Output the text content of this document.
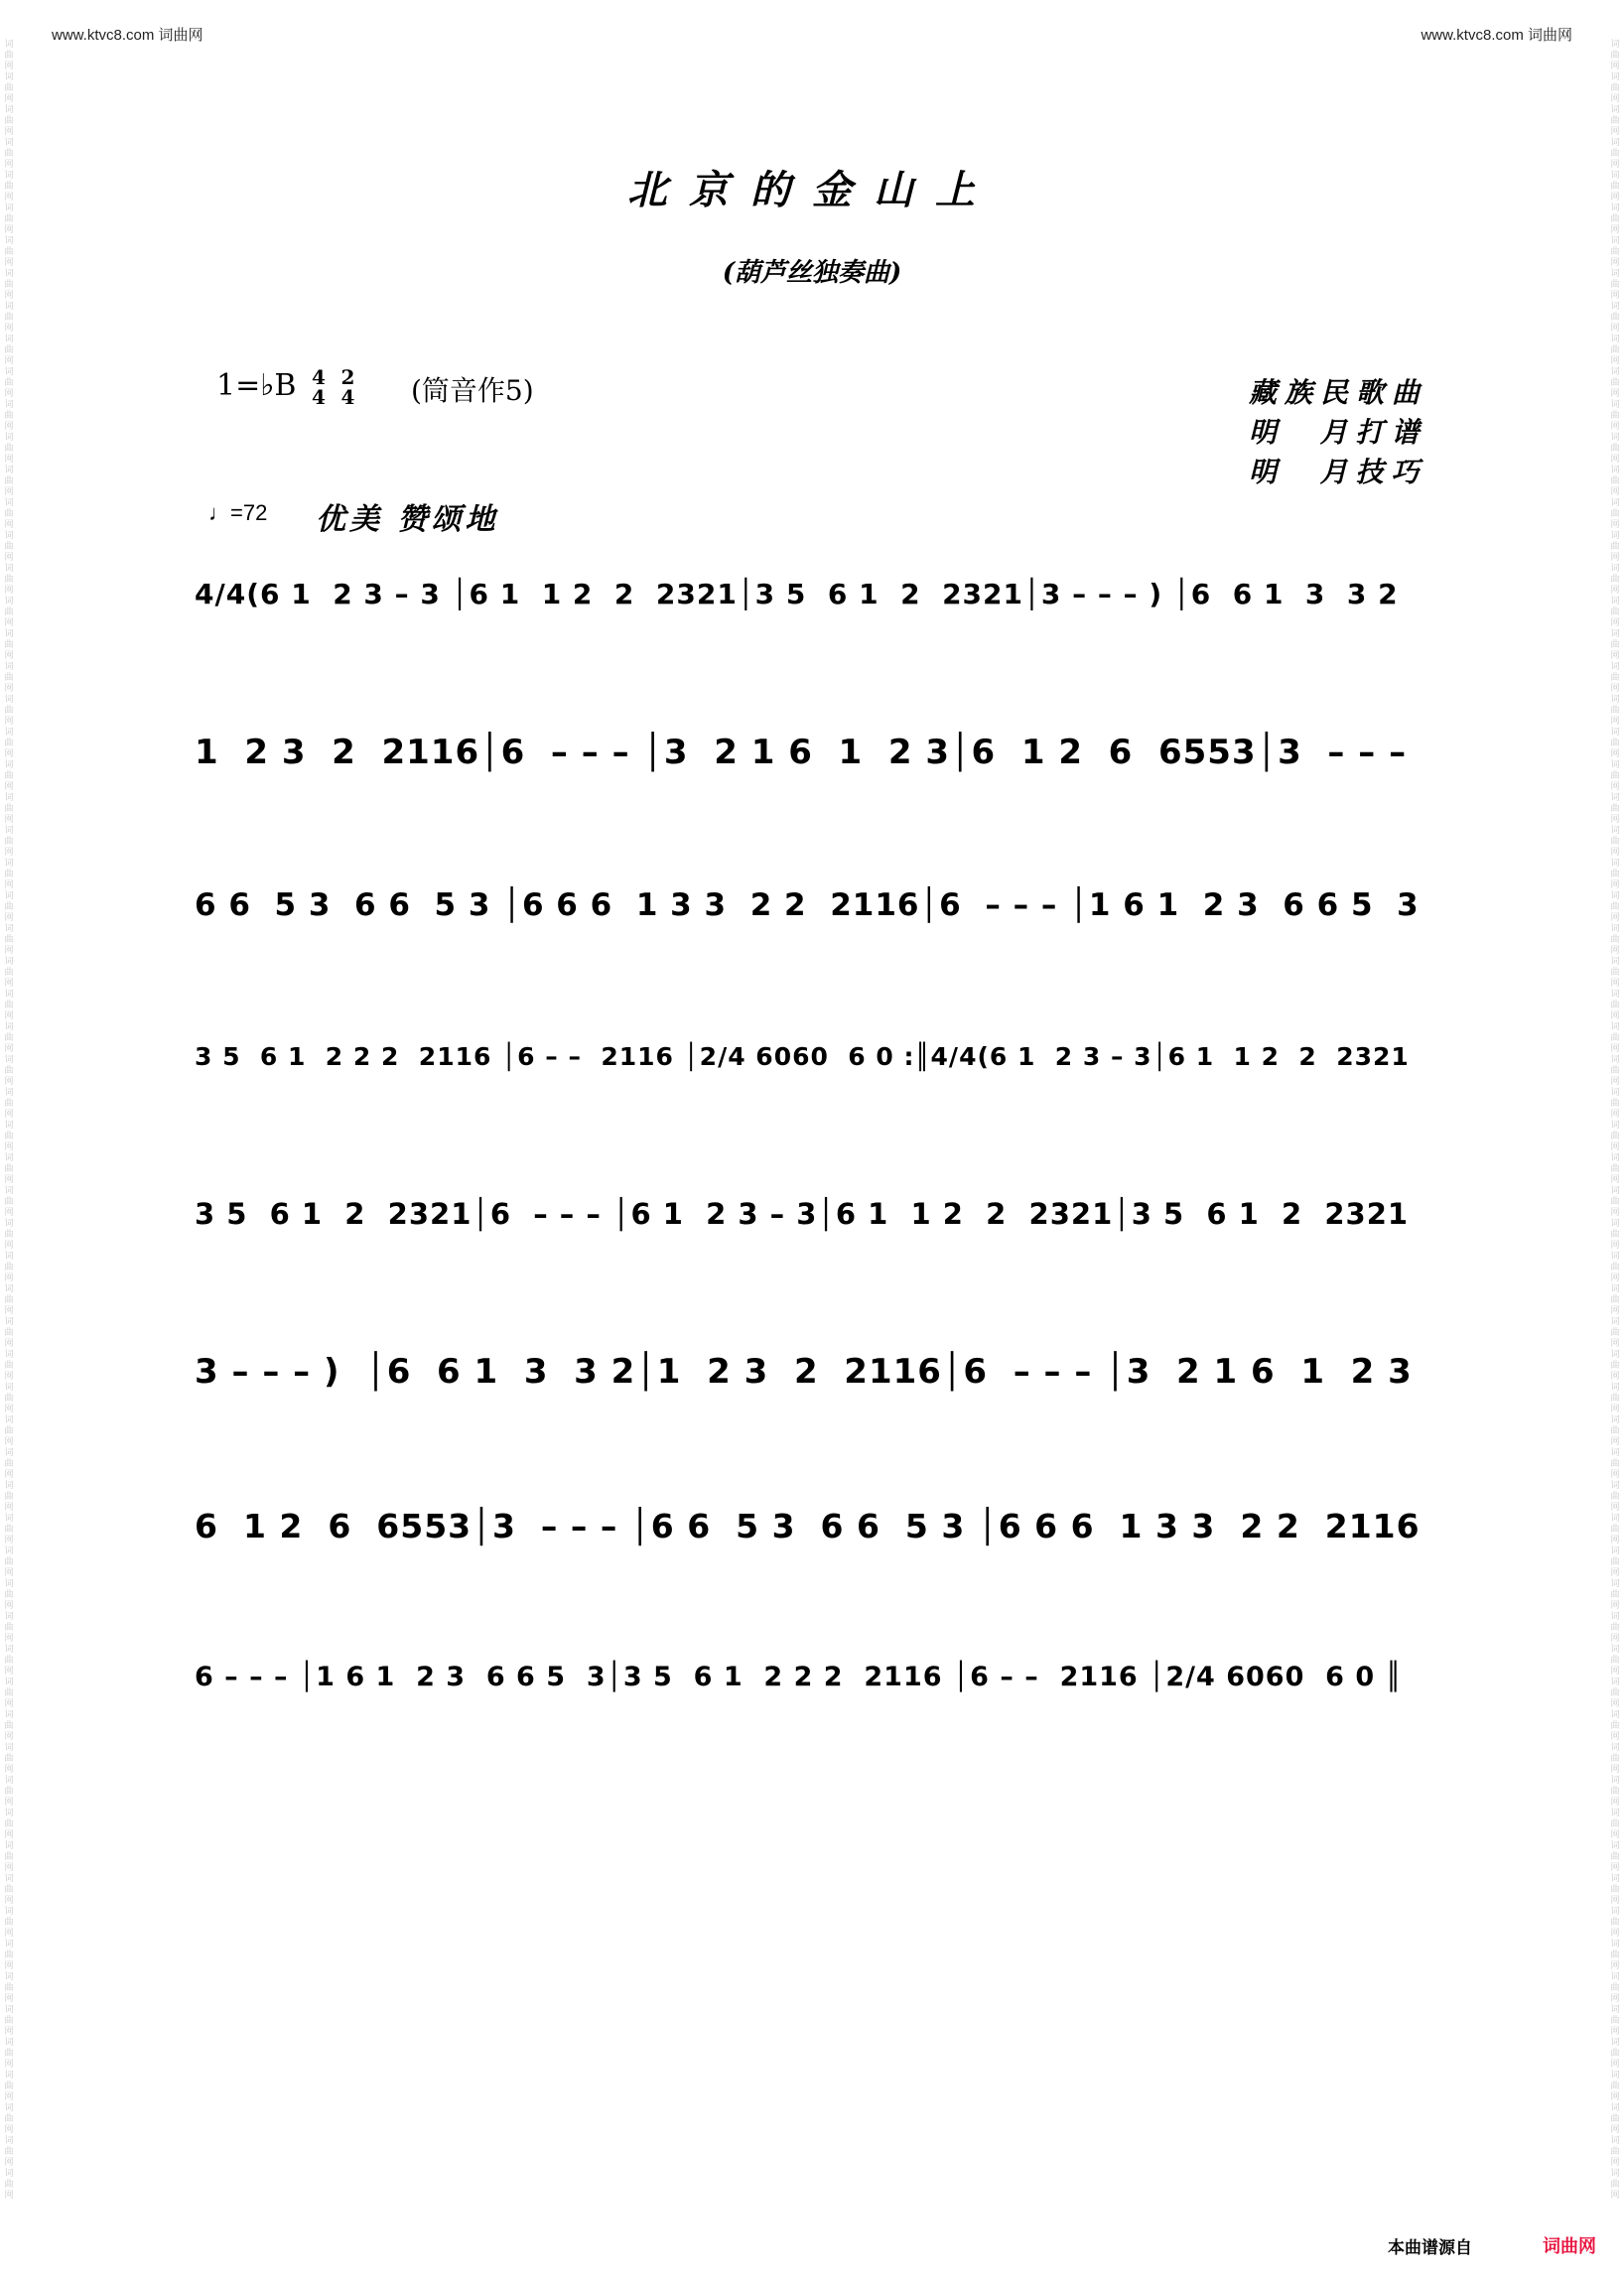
www.ktvc8.com 词曲网	www.ktvc8.com 词曲网
词曲网词曲网词曲网词曲网词曲网词曲网词曲网词曲网词曲网词曲网词曲网词曲网词曲网词曲网词曲网词曲网词曲网词曲网词曲网词曲网词曲网词曲网词曲网词曲网词曲网词曲网词曲网词曲网词曲网词曲网词曲网词曲网词曲网词曲网词曲网词曲网词曲网词曲网词曲网词曲网词曲网词曲网词曲网词曲网词曲网词曲网词曲网词曲网词曲网词曲网词曲网词曲网词曲网词曲网词曲网词曲网词曲网词曲网词曲网词曲网词曲网词曲网词曲网词曲网词曲网词曲网
词曲网词曲网词曲网词曲网词曲网词曲网词曲网词曲网词曲网词曲网词曲网词曲网词曲网词曲网词曲网词曲网词曲网词曲网词曲网词曲网词曲网词曲网词曲网词曲网词曲网词曲网词曲网词曲网词曲网词曲网词曲网词曲网词曲网词曲网词曲网词曲网词曲网词曲网词曲网词曲网词曲网词曲网词曲网词曲网词曲网词曲网词曲网词曲网词曲网词曲网词曲网词曲网词曲网词曲网词曲网词曲网词曲网词曲网词曲网词曲网词曲网词曲网词曲网词曲网词曲网词曲网
北京的金山上
(葫芦丝独奏曲)
1=♭B 4
4

2
4 (筒音作5)	藏族民歌曲
明  月打谱
明  月技巧
♩=72 优美 赞颂地
4/4(6 1  2 3 – 3 │6 1  1 2  2  2321│3 5  6 1  2  2321│3 – – – ) │6  6 1  3  3 2
1  2 3  2  2116│6  – – – │3  2 1 6  1  2 3│6  1 2  6  6553│3  – – –
6 6  5 3  6 6  5 3 │6 6 6  1 3 3  2 2  2116│6  – – – │1 6 1  2 3  6 6 5  3
3 5  6 1  2 2 2  2116 │6 – –  2116 │2/4 6060  6 0 :║4/4(6 1  2 3 – 3│6 1  1 2  2  2321
3 5  6 1  2  2321│6  – – – │6 1  2 3 – 3│6 1  1 2  2  2321│3 5  6 1  2  2321
3 – – – )  │6  6 1  3  3 2│1  2 3  2  2116│6  – – – │3  2 1 6  1  2 3
6  1 2  6  6553│3  – – – │6 6  5 3  6 6  5 3 │6 6 6  1 3 3  2 2  2116
6 – – – │1 6 1  2 3  6 6 5  3│3 5  6 1  2 2 2  2116 │6 – –  2116 │2/4 6060  6 0 ║
本曲谱源自	词曲网
